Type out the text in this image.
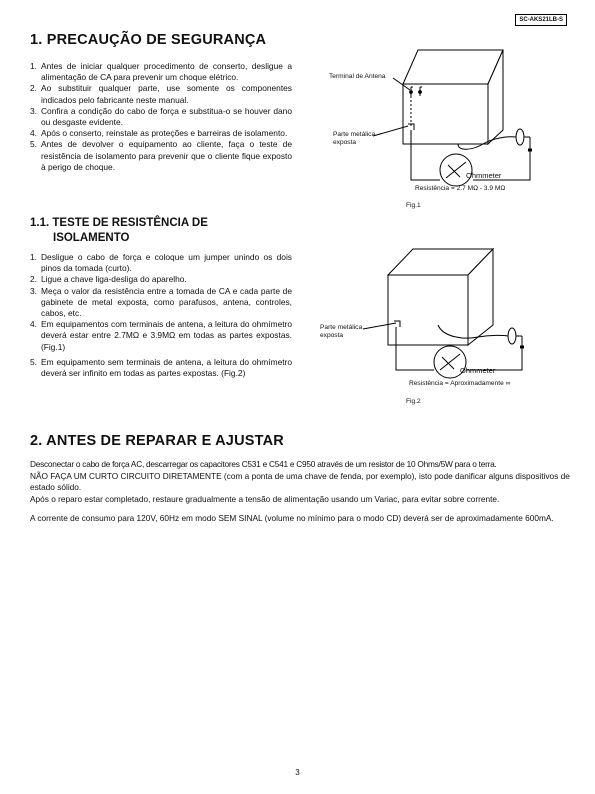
SC-AKS21LB-S
1. PRECAUÇÃO DE SEGURANÇA
1. Antes de iniciar qualquer procedimento de conserto, desligue a alimentação de CA para prevenir um choque elétrico.
2. Ao substituir qualquer parte, use somente os componentes indicados pelo fabricante neste manual.
3. Confira a condição do cabo de força e substitua-o se houver dano ou desgaste evidente.
4. Após o conserto, reinstale as proteções e barreiras de isolamento.
5. Antes de devolver o equipamento ao cliente, faça o teste de resistência de isolamento para prevenir que o cliente fique exposto à perigo de choque.
1.1. TESTE DE RESISTÊNCIA DE
ISOLAMENTO
1. Desligue o cabo de força e coloque um jumper unindo os dois pinos da tomada (curto).
2. Ligue a chave liga-desliga do aparelho.
3. Meça o valor da resistência entre a tomada de CA e cada parte de gabinete de metal exposta, como parafusos, antena, controles, cabos, etc.
4. Em equipamentos com terminais de antena, a leitura do ohmímetro deverá estar entre 2.7MΩ e 3.9MΩ em todas as partes expostas. (Fig.1)
5. Em equipamento sem terminais de antena, a leitura do ohmímetro deverá ser infinito em todas as partes expostas. (Fig.2)
Terminal de Antena
Parte metálica
exposta
Ohmmeter
Resistência = 2.7 MΩ - 3.9 MΩ
Fig.1
Parte metálica
exposta
Ohmmeter
Resistência = Aproximadamente ∞
Fig.2
2. ANTES DE REPARAR E AJUSTAR

Desconectar o cabo de força AC, descarregar os capacitores C531 e C541 e C950 através de um resistor de 10 Ohms/5W para o terra.

NÃO FAÇA UM CURTO CIRCUITO DIRETAMENTE (com a ponta de uma chave de fenda, por exemplo), isto pode danificar alguns dispositivos de estado sólido.

Após o reparo estar completado, restaure gradualmente a tensão de alimentação usando um Variac, para evitar sobre corrente.

A corrente de consumo para 120V, 60Hz em modo SEM SINAL (volume no mínimo para o modo CD) deverá ser de aproximadamente 600mA.

3
